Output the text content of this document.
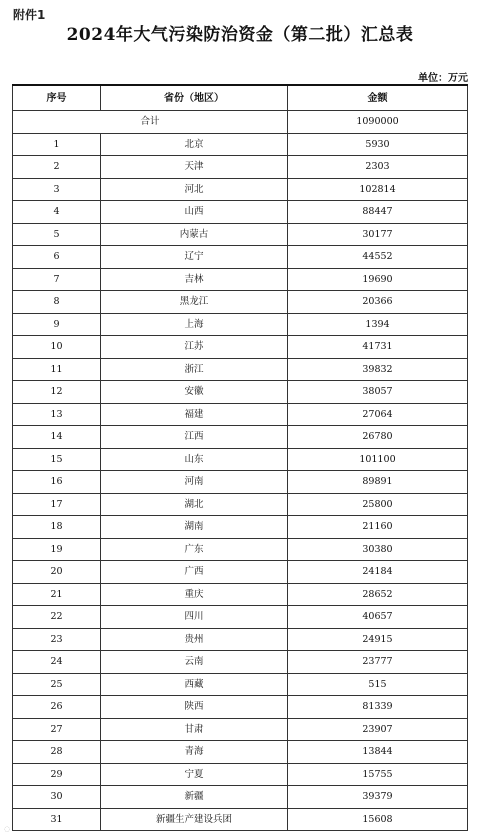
附件1
2024年大气污染防治资金（第二批）汇总表
单位：万元
序号	省份（地区）	金额
合计		1090000
1	北京	5930
2	天津	2303
3	河北	102814
4	山西	88447
5	内蒙古	30177
6	辽宁	44552
7	吉林	19690
8	黑龙江	20366
9	上海	1394
10	江苏	41731
11	浙江	39832
12	安徽	38057
13	福建	27064
14	江西	26780
15	山东	101100
16	河南	89891
17	湖北	25800
18	湖南	21160
19	广东	30380
20	广西	24184
21	重庆	28652
22	四川	40657
23	贵州	24915
24	云南	23777
25	西藏	515
26	陕西	81339
27	甘肃	23907
28	青海	13844
29	宁夏	15755
30	新疆	39379
31	新疆生产建设兵团	15608
◌
